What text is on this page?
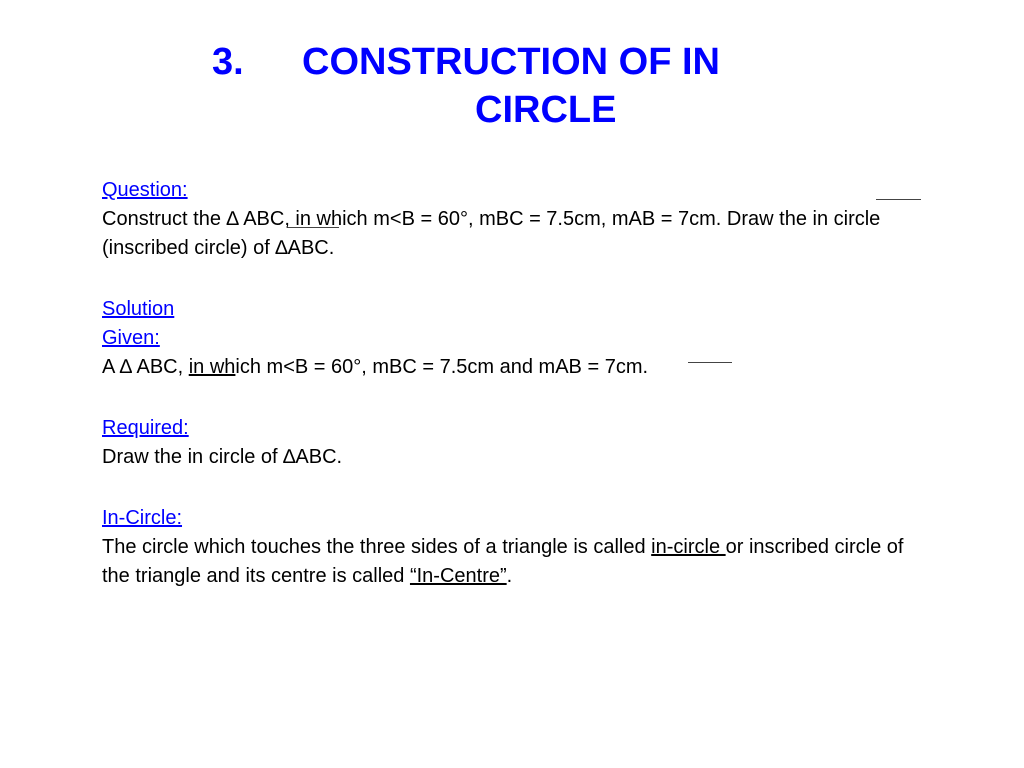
3. CONSTRUCTION OF IN
CIRCLE
Question:
Construct the ∆ ABC, in which m<B = 60°, mBC = 7.5cm, mAB = 7cm. Draw the in circle (inscribed circle) of ∆ABC.
Solution
Given:
A ∆ ABC, in which m<B = 60°, mBC = 7.5cm and mAB = 7cm.
Required:
Draw the in circle of ∆ABC.
In-Circle:
The circle which touches the three sides of a triangle is called in-circle or inscribed circle of the triangle and its centre is called “In-Centre”.
